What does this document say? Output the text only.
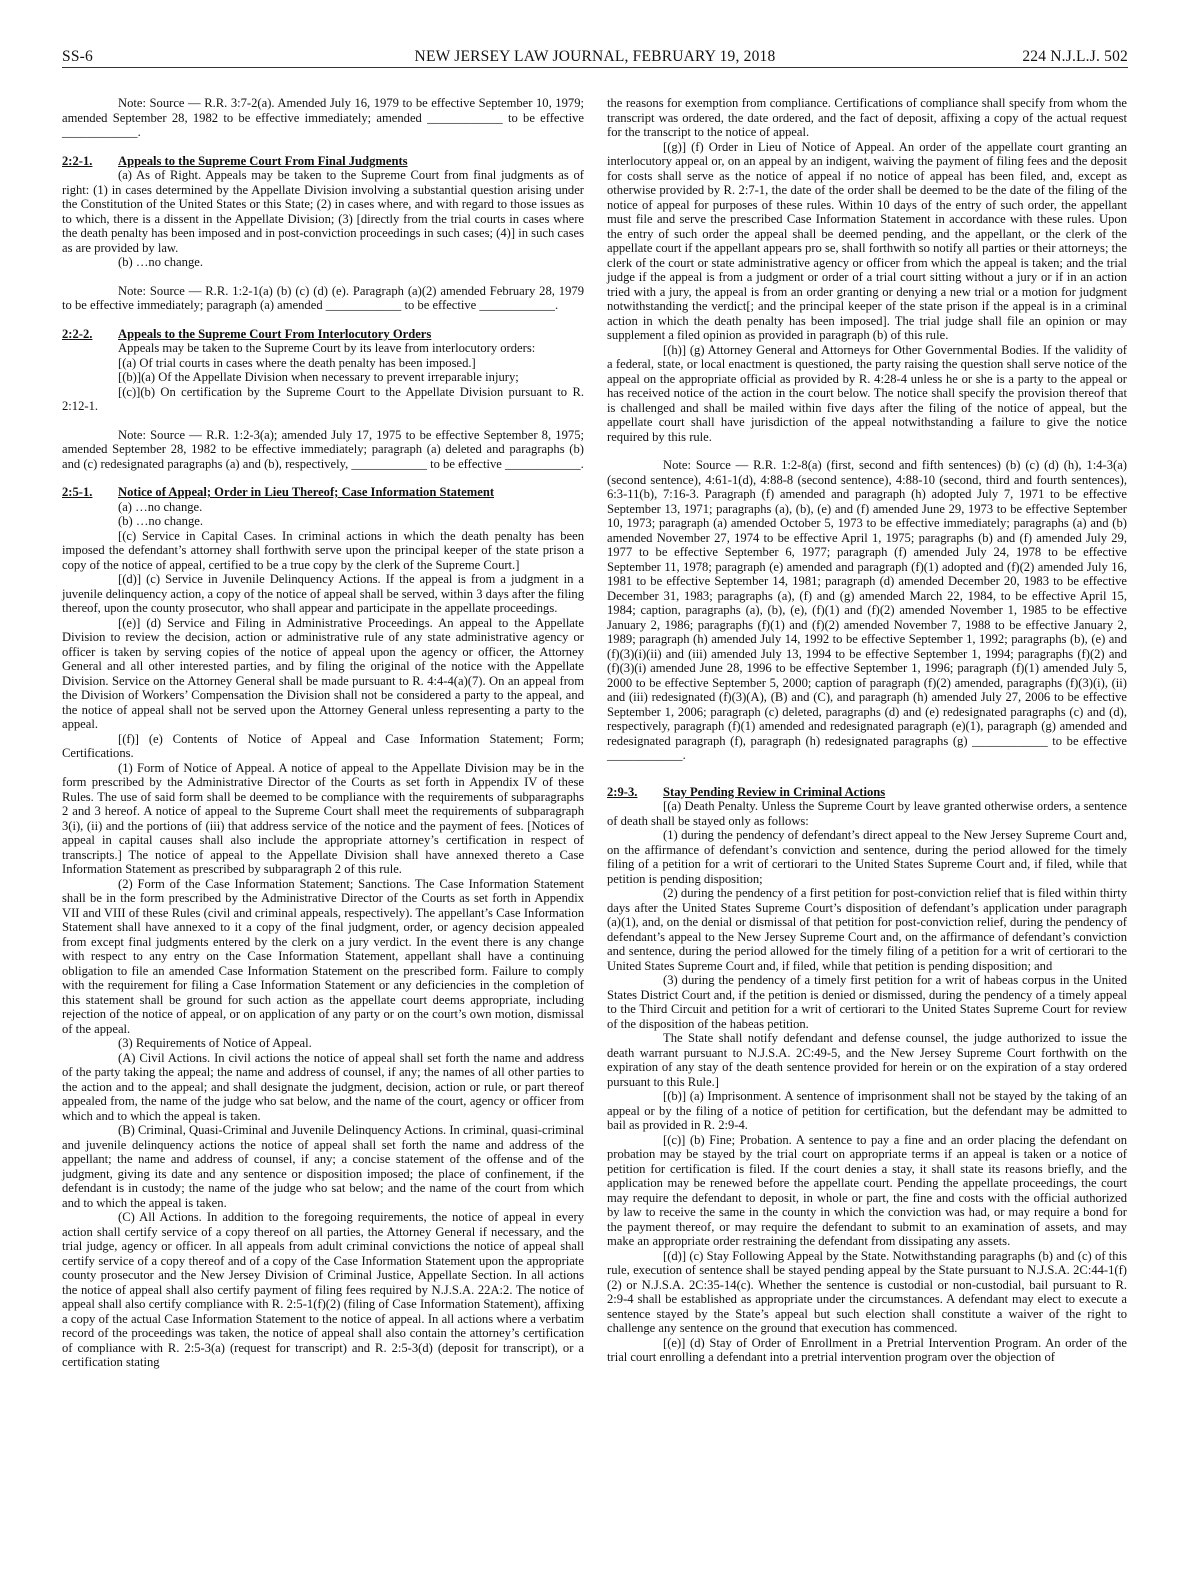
SS-6	NEW JERSEY LAW JOURNAL, FEBRUARY 19, 2018	224 N.J.L.J. 502

Note: Source — R.R. 3:7-2(a). Amended July 16, 1979 to be effective September 10, 1979; amended September 28, 1982 to be effective immediately; amended ____________ to be effective ____________.

2:2-1. Appeals to the Supreme Court From Final Judgments

(a) As of Right. Appeals may be taken to the Supreme Court from final judgments as of right: (1) in cases determined by the Appellate Division involving a substantial question arising under the Constitution of the United States or this State; (2) in cases where, and with regard to those issues as to which, there is a dissent in the Appellate Division; (3) [directly from the trial courts in cases where the death penalty has been imposed and in post-conviction proceedings in such cases; (4)] in such cases as are provided by law.

(b) …no change.

Note: Source — R.R. 1:2-1(a) (b) (c) (d) (e). Paragraph (a)(2) amended February 28, 1979 to be effective immediately; paragraph (a) amended ____________ to be effective ____________.

2:2-2. Appeals to the Supreme Court From Interlocutory Orders

Appeals may be taken to the Supreme Court by its leave from interlocutory orders:

[(a) Of trial courts in cases where the death penalty has been imposed.]

[(b)](a) Of the Appellate Division when necessary to prevent irreparable injury;

[(c)](b) On certification by the Supreme Court to the Appellate Division pursuant to R. 2:12-1.

Note: Source — R.R. 1:2-3(a); amended July 17, 1975 to be effective September 8, 1975; amended September 28, 1982 to be effective immediately; paragraph (a) deleted and paragraphs (b) and (c) redesignated paragraphs (a) and (b), respectively, ____________ to be effective ____________.

2:5-1. Notice of Appeal; Order in Lieu Thereof; Case Information Statement

(a) …no change.

(b) …no change.

[(c) Service in Capital Cases. In criminal actions in which the death penalty has been imposed the defendant’s attorney shall forthwith serve upon the principal keeper of the state prison a copy of the notice of appeal, certified to be a true copy by the clerk of the Supreme Court.]

[(d)] (c) Service in Juvenile Delinquency Actions. If the appeal is from a judgment in a juvenile delinquency action, a copy of the notice of appeal shall be served, within 3 days after the filing thereof, upon the county prosecutor, who shall appear and participate in the appellate proceedings.

[(e)] (d) Service and Filing in Administrative Proceedings. An appeal to the Appellate Division to review the decision, action or administrative rule of any state administrative agency or officer is taken by serving copies of the notice of appeal upon the agency or officer, the Attorney General and all other interested parties, and by filing the original of the notice with the Appellate Division. Service on the Attorney General shall be made pursuant to R. 4:4-4(a)(7). On an appeal from the Division of Workers’ Compensation the Division shall not be considered a party to the appeal, and the notice of appeal shall not be served upon the Attorney General unless representing a party to the appeal.

[(f)] (e) Contents of Notice of Appeal and Case Information Statement; Form; Certifications.

(1) Form of Notice of Appeal. A notice of appeal to the Appellate Division may be in the form prescribed by the Administrative Director of the Courts as set forth in Appendix IV of these Rules. The use of said form shall be deemed to be compliance with the requirements of subparagraphs 2 and 3 hereof. A notice of appeal to the Supreme Court shall meet the requirements of subparagraph 3(i), (ii) and the portions of (iii) that address service of the notice and the payment of fees. [Notices of appeal in capital causes shall also include the appropriate attorney’s certification in respect of transcripts.] The notice of appeal to the Appellate Division shall have annexed thereto a Case Information Statement as prescribed by subparagraph 2 of this rule.

(2) Form of the Case Information Statement; Sanctions. The Case Information Statement shall be in the form prescribed by the Administrative Director of the Courts as set forth in Appendix VII and VIII of these Rules (civil and criminal appeals, respectively). The appellant’s Case Information Statement shall have annexed to it a copy of the final judgment, order, or agency decision appealed from except final judgments entered by the clerk on a jury verdict. In the event there is any change with respect to any entry on the Case Information Statement, appellant shall have a continuing obligation to file an amended Case Information Statement on the prescribed form. Failure to comply with the requirement for filing a Case Information Statement or any deficiencies in the completion of this statement shall be ground for such action as the appellate court deems appropriate, including rejection of the notice of appeal, or on application of any party or on the court’s own motion, dismissal of the appeal.

(3) Requirements of Notice of Appeal.

(A) Civil Actions. In civil actions the notice of appeal shall set forth the name and address of the party taking the appeal; the name and address of counsel, if any; the names of all other parties to the action and to the appeal; and shall designate the judgment, decision, action or rule, or part thereof appealed from, the name of the judge who sat below, and the name of the court, agency or officer from which and to which the appeal is taken.

(B) Criminal, Quasi-Criminal and Juvenile Delinquency Actions. In criminal, quasi-criminal and juvenile delinquency actions the notice of appeal shall set forth the name and address of the appellant; the name and address of counsel, if any; a concise statement of the offense and of the judgment, giving its date and any sentence or disposition imposed; the place of confinement, if the defendant is in custody; the name of the judge who sat below; and the name of the court from which and to which the appeal is taken.

(C) All Actions. In addition to the foregoing requirements, the notice of appeal in every action shall certify service of a copy thereof on all parties, the Attorney General if necessary, and the trial judge, agency or officer. In all appeals from adult criminal convictions the notice of appeal shall certify service of a copy thereof and of a copy of the Case Information Statement upon the appropriate county prosecutor and the New Jersey Division of Criminal Justice, Appellate Section. In all actions the notice of appeal shall also certify payment of filing fees required by N.J.S.A. 22A:2. The notice of appeal shall also certify compliance with R. 2:5-1(f)(2) (filing of Case Information Statement), affixing a copy of the actual Case Information Statement to the notice of appeal. In all actions where a verbatim record of the proceedings was taken, the notice of appeal shall also contain the attorney’s certification of compliance with R. 2:5-3(a) (request for transcript) and R. 2:5-3(d) (deposit for transcript), or a certification stating

the reasons for exemption from compliance. Certifications of compliance shall specify from whom the transcript was ordered, the date ordered, and the fact of deposit, affixing a copy of the actual request for the transcript to the notice of appeal.

[(g)] (f) Order in Lieu of Notice of Appeal. An order of the appellate court granting an interlocutory appeal or, on an appeal by an indigent, waiving the payment of filing fees and the deposit for costs shall serve as the notice of appeal if no notice of appeal has been filed, and, except as otherwise provided by R. 2:7-1, the date of the order shall be deemed to be the date of the filing of the notice of appeal for purposes of these rules. Within 10 days of the entry of such order, the appellant must file and serve the prescribed Case Information Statement in accordance with these rules. Upon the entry of such order the appeal shall be deemed pending, and the appellant, or the clerk of the appellate court if the appellant appears pro se, shall forthwith so notify all parties or their attorneys; the clerk of the court or state administrative agency or officer from which the appeal is taken; and the trial judge if the appeal is from a judgment or order of a trial court sitting without a jury or if in an action tried with a jury, the appeal is from an order granting or denying a new trial or a motion for judgment notwithstanding the verdict[; and the principal keeper of the state prison if the appeal is in a criminal action in which the death penalty has been imposed]. The trial judge shall file an opinion or may supplement a filed opinion as provided in paragraph (b) of this rule.

[(h)] (g) Attorney General and Attorneys for Other Governmental Bodies. If the validity of a federal, state, or local enactment is questioned, the party raising the question shall serve notice of the appeal on the appropriate official as provided by R. 4:28-4 unless he or she is a party to the appeal or has received notice of the action in the court below. The notice shall specify the provision thereof that is challenged and shall be mailed within five days after the filing of the notice of appeal, but the appellate court shall have jurisdiction of the appeal notwithstanding a failure to give the notice required by this rule.

Note: Source — R.R. 1:2-8(a) (first, second and fifth sentences) (b) (c) (d) (h), 1:4-3(a) (second sentence), 4:61-1(d), 4:88-8 (second sentence), 4:88-10 (second, third and fourth sentences), 6:3-11(b), 7:16-3. Paragraph (f) amended and paragraph (h) adopted July 7, 1971 to be effective September 13, 1971; paragraphs (a), (b), (e) and (f) amended June 29, 1973 to be effective September 10, 1973; paragraph (a) amended October 5, 1973 to be effective immediately; paragraphs (a) and (b) amended November 27, 1974 to be effective April 1, 1975; paragraphs (b) and (f) amended July 29, 1977 to be effective September 6, 1977; paragraph (f) amended July 24, 1978 to be effective September 11, 1978; paragraph (e) amended and paragraph (f)(1) adopted and (f)(2) amended July 16, 1981 to be effective September 14, 1981; paragraph (d) amended December 20, 1983 to be effective December 31, 1983; paragraphs (a), (f) and (g) amended March 22, 1984, to be effective April 15, 1984; caption, paragraphs (a), (b), (e), (f)(1) and (f)(2) amended November 1, 1985 to be effective January 2, 1986; paragraphs (f)(1) and (f)(2) amended November 7, 1988 to be effective January 2, 1989; paragraph (h) amended July 14, 1992 to be effective September 1, 1992; paragraphs (b), (e) and (f)(3)(i)(ii) and (iii) amended July 13, 1994 to be effective September 1, 1994; paragraphs (f)(2) and (f)(3)(i) amended June 28, 1996 to be effective September 1, 1996; paragraph (f)(1) amended July 5, 2000 to be effective September 5, 2000; caption of paragraph (f)(2) amended, paragraphs (f)(3)(i), (ii) and (iii) redesignated (f)(3)(A), (B) and (C), and paragraph (h) amended July 27, 2006 to be effective September 1, 2006; paragraph (c) deleted, paragraphs (d) and (e) redesignated paragraphs (c) and (d), respectively, paragraph (f)(1) amended and redesignated paragraph (e)(1), paragraph (g) amended and redesignated paragraph (f), paragraph (h) redesignated paragraphs (g) ____________ to be effective ____________.

2:9-3. Stay Pending Review in Criminal Actions

[(a) Death Penalty. Unless the Supreme Court by leave granted otherwise orders, a sentence of death shall be stayed only as follows:

(1) during the pendency of defendant’s direct appeal to the New Jersey Supreme Court and, on the affirmance of defendant’s conviction and sentence, during the period allowed for the timely filing of a petition for a writ of certiorari to the United States Supreme Court and, if filed, while that petition is pending disposition;

(2) during the pendency of a first petition for post-conviction relief that is filed within thirty days after the United States Supreme Court’s disposition of defendant’s application under paragraph (a)(1), and, on the denial or dismissal of that petition for post-conviction relief, during the pendency of defendant’s appeal to the New Jersey Supreme Court and, on the affirmance of defendant’s conviction and sentence, during the period allowed for the timely filing of a petition for a writ of certiorari to the United States Supreme Court and, if filed, while that petition is pending disposition; and

(3) during the pendency of a timely first petition for a writ of habeas corpus in the United States District Court and, if the petition is denied or dismissed, during the pendency of a timely appeal to the Third Circuit and petition for a writ of certiorari to the United States Supreme Court for review of the disposition of the habeas petition.

The State shall notify defendant and defense counsel, the judge authorized to issue the death warrant pursuant to N.J.S.A. 2C:49-5, and the New Jersey Supreme Court forthwith on the expiration of any stay of the death sentence provided for herein or on the expiration of a stay ordered pursuant to this Rule.]

[(b)] (a) Imprisonment. A sentence of imprisonment shall not be stayed by the taking of an appeal or by the filing of a notice of petition for certification, but the defendant may be admitted to bail as provided in R. 2:9-4.

[(c)] (b) Fine; Probation. A sentence to pay a fine and an order placing the defendant on probation may be stayed by the trial court on appropriate terms if an appeal is taken or a notice of petition for certification is filed. If the court denies a stay, it shall state its reasons briefly, and the application may be renewed before the appellate court. Pending the appellate proceedings, the court may require the defendant to deposit, in whole or part, the fine and costs with the official authorized by law to receive the same in the county in which the conviction was had, or may require a bond for the payment thereof, or may require the defendant to submit to an examination of assets, and may make an appropriate order restraining the defendant from dissipating any assets.

[(d)] (c) Stay Following Appeal by the State. Notwithstanding paragraphs (b) and (c) of this rule, execution of sentence shall be stayed pending appeal by the State pursuant to N.J.S.A. 2C:44-1(f)(2) or N.J.S.A. 2C:35-14(c). Whether the sentence is custodial or non-custodial, bail pursuant to R. 2:9-4 shall be established as appropriate under the circumstances. A defendant may elect to execute a sentence stayed by the State’s appeal but such election shall constitute a waiver of the right to challenge any sentence on the ground that execution has commenced.

[(e)] (d) Stay of Order of Enrollment in a Pretrial Intervention Program. An order of the trial court enrolling a defendant into a pretrial intervention program over the objection of
